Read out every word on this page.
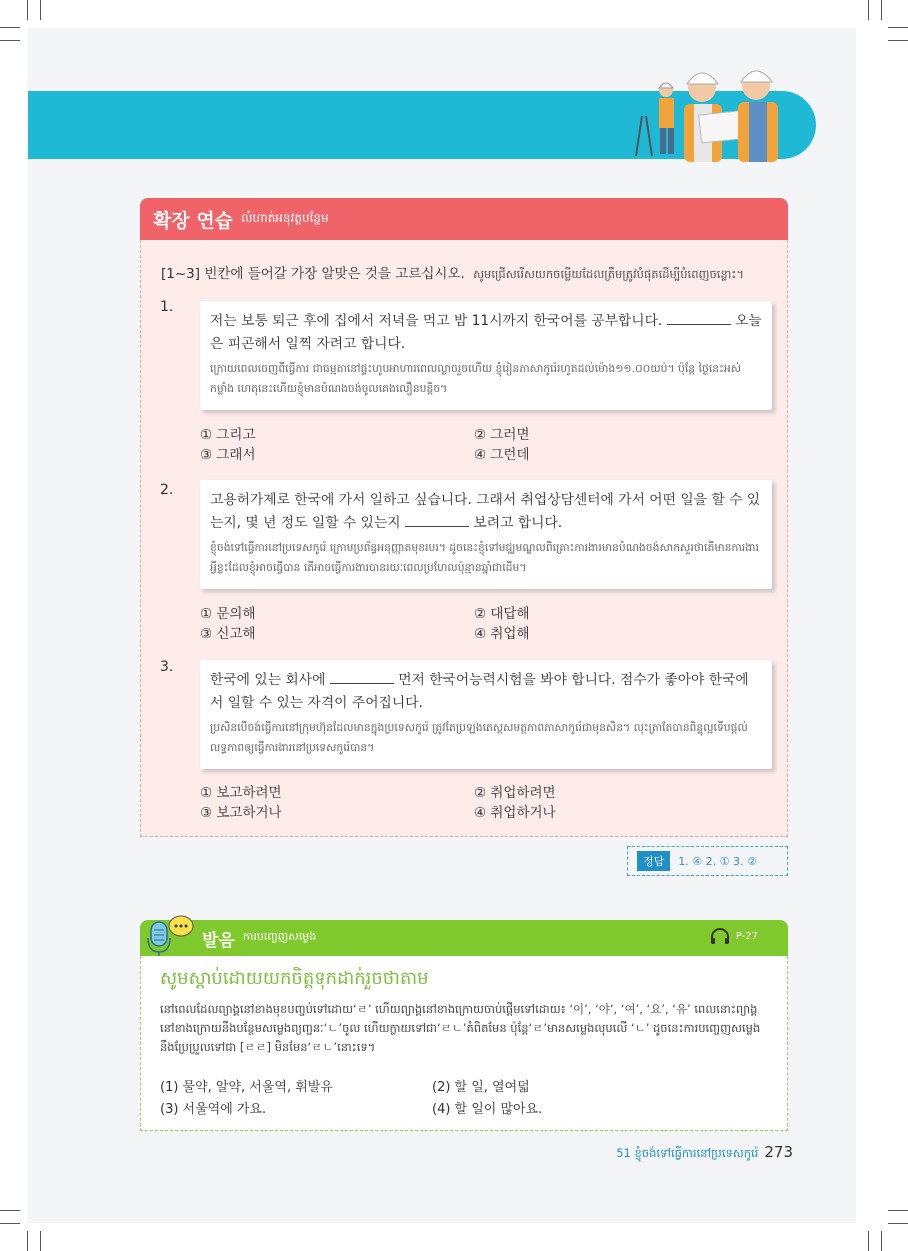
확장 연습 លំហាត់អនុវត្តបន្ថែម
[1~3] 빈칸에 들어갈 가장 알맞은 것을 고르십시오. សូមជ្រើសរើសយកចម្លើយដែលត្រឹមត្រូវបំផុតដើម្បីបំពេញចន្លោះ។
1.
저는 보통 퇴근 후에 집에서 저녁을 먹고 밤 11시까지 한국어를 공부합니다.	오늘은 피곤해서 일찍 자려고 합니다.
ក្រោយពេលចេញពីធ្វើការ ជាធម្មតានៅផ្ទះហូបអាហារពេលល្ងាចរួចហើយ ខ្ញុំរៀនភាសាកូរ៉េរហូតដល់ម៉ោង១១.០០យប់។ ប៉ុន្តែ ថ្ងៃនេះអស់កម្លាំង ហេតុនេះហើយខ្ញុំមានបំណងចង់ចូលគេងលឿនបន្តិច។
① 그리고	② 그러면
③ 그래서	④ 그런데
2.
고용허가제로 한국에 가서 일하고 싶습니다. 그래서 취업상담센터에 가서 어떤 일을 할 수 있는지, 몇 년 정도 일할 수 있는지	보려고 합니다.
ខ្ញុំចង់ទៅធ្វើការនៅប្រទេសកូរ៉េ ក្រោមប្រព័ន្ធអនុញ្ញាតមុខរបរ។ ដូចនេះខ្ញុំទៅមជ្ឈមណ្ឌលពិគ្រោះការងារមានបំណងចង់សាកសួរថាតើមានការងារអ្វីខ្លះដែលខ្ញុំអាចធ្វើបាន តើអាចធ្វើការងារបានរយៈពេលប្រហែលប៉ុន្មានឆ្នាំជាដើម។
① 문의해	② 대답해
③ 신고해	④ 취업해
3.
한국에 있는 회사에	먼저 한국어능력시험을 봐야 합니다. 점수가 좋아야 한국에서 일할 수 있는 자격이 주어집니다.
ប្រសិនបើចង់ធ្វើការនៅក្រុមហ៊ុនដែលមានក្នុងប្រទេសកូរ៉េ ត្រូវតែប្រឡងតេស្តសមត្ថភាពភាសាកូរ៉េជាមុនសិន។ លុះត្រាតែបានពិន្ទុល្អទើបផ្តល់លទ្ធភាពឲ្យធ្វើការងារនៅប្រទេសកូរ៉េបាន។
① 보고하려면	② 취업하려면
③ 보고하거나	④ 취업하거나
정답	1. ④ 2. ① 3. ②
발음 ការបញ្ចេញសម្លេង	P-27
សូមស្តាប់ដោយយកចិត្តទុកដាក់រួចថាតាម
នៅពេលដែលព្យាង្គនៅខាងមុខបញ្ចប់ទៅដោយ‘ㄹ’ ហើយព្យាង្គនៅខាងក្រោយចាប់ផ្តើមទៅដោយ៖ ‘이’, ‘야’, ‘여’, ‘요’, ‘유’ ពេលនោះព្យាង្គនៅខាងក្រោយនឹងបន្ថែមសម្លេងព្យញ្ជនៈ‘ㄴ’ចូល ហើយក្លាយទៅជា‘ㄹㄴ’គំពិតមែន ប៉ុន្តែ‘ㄹ’មានសម្លេងលុបលើ ‘ㄴ’ ដូចនេះការបញ្ចេញសម្លេងនឹងប្រែប្រួលទៅជា [ㄹㄹ] មិនមែន‘ㄹㄴ’នោះទេ។
(1) 물약, 알약, 서울역, 휘발유	(2) 할 일, 열여덟
(3) 서울역에 가요.	(4) 할 일이 많아요.
51 ខ្ញុំចង់ទៅធ្វើការនៅប្រទេសកូរ៉េ 273
